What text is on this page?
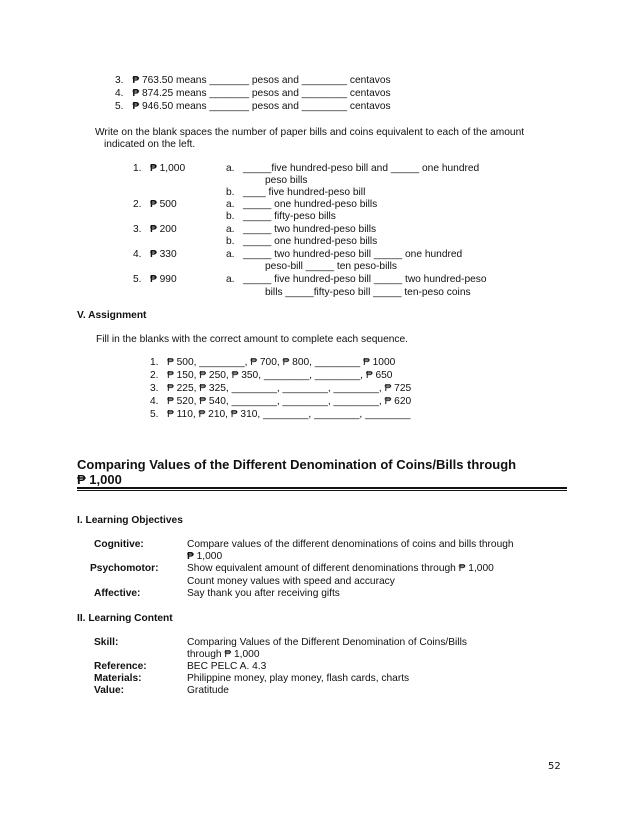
3. ₱ 763.50 means _______ pesos and ________ centavos
4. ₱ 874.25 means _______ pesos and ________ centavos
5. ₱ 946.50 means _______ pesos and ________ centavos
Write on the blank spaces the number of paper bills and coins equivalent to each of the amount
indicated on the left.
1. ₱ 1,000	a. _____five hundred-peso bill and _____ one hundred
peso bills
b. ____ five hundred-peso bill
2. ₱ 500	a. _____ one hundred-peso bills
b. _____ fifty-peso bills
3. ₱ 200	a. _____ two hundred-peso bills
b. _____ one hundred-peso bills
4. ₱ 330	a. _____ two hundred-peso bill _____ one hundred
peso-bill _____ ten peso-bills
5. ₱ 990	a. _____ five hundred-peso bill _____ two hundred-peso
bills _____fifty-peso bill _____ ten-peso coins
V. Assignment
Fill in the blanks with the correct amount to complete each sequence.
1. ₱ 500, ________, ₱ 700, ₱ 800, ________ ₱ 1000
2. ₱ 150, ₱ 250, ₱ 350, ________, ________, ₱ 650
3. ₱ 225, ₱ 325, ________, ________, ________, ₱ 725
4. ₱ 520, ₱ 540, ________, ________, ________, ₱ 620
5. ₱ 110, ₱ 210, ₱ 310, ________, ________, ________
Comparing Values of the Different Denomination of Coins/Bills through
₱ 1,000
I. Learning Objectives
Cognitive:	Compare values of the different denominations of coins and bills through
₱ 1,000
Psychomotor:	Show equivalent amount of different denominations through ₱ 1,000
Count money values with speed and accuracy
Affective:	Say thank you after receiving gifts
II. Learning Content
Skill:	Comparing Values of the Different Denomination of Coins/Bills
through ₱ 1,000
Reference:	BEC PELC A. 4.3
Materials:	Philippine money, play money, flash cards, charts
Value:	Gratitude
52
